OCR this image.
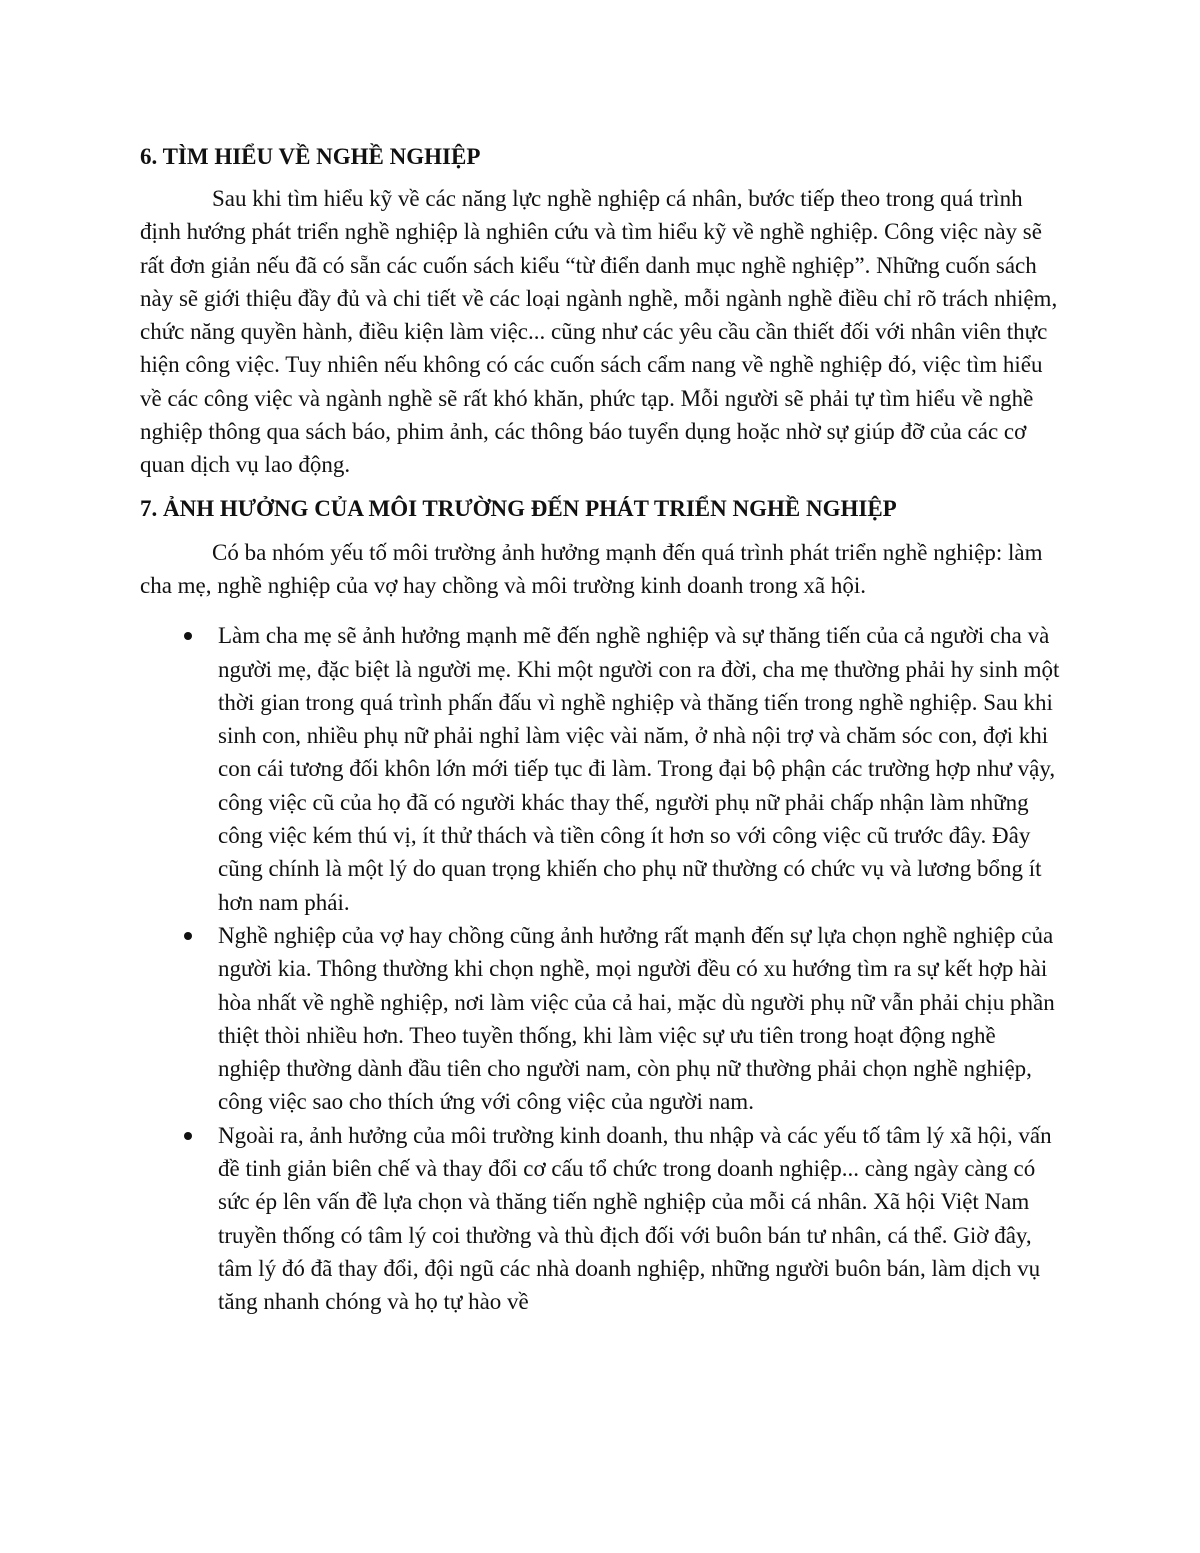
6. TÌM HIỂU VỀ NGHỀ NGHIỆP

Sau khi tìm hiểu kỹ về các năng lực nghề nghiệp cá nhân, bước tiếp theo trong quá trình định hướng phát triển nghề nghiệp là nghiên cứu và tìm hiểu kỹ về nghề nghiệp. Công việc này sẽ rất đơn giản nếu đã có sẵn các cuốn sách kiểu “từ điển danh mục nghề nghiệp”. Những cuốn sách này sẽ giới thiệu đầy đủ và chi tiết về các loại ngành nghề, mỗi ngành nghề điều chỉ rõ trách nhiệm, chức năng quyền hành, điều kiện làm việc... cũng như các yêu cầu cần thiết đối với nhân viên thực hiện công việc. Tuy nhiên nếu không có các cuốn sách cẩm nang về nghề nghiệp đó, việc tìm hiểu về các công việc và ngành nghề sẽ rất khó khăn, phức tạp. Mỗi người sẽ phải tự tìm hiểu về nghề nghiệp thông qua sách báo, phim ảnh, các thông báo tuyển dụng hoặc nhờ sự giúp đỡ của các cơ quan dịch vụ lao động.

7. ẢNH HƯỞNG CỦA MÔI TRƯỜNG ĐẾN PHÁT TRIỂN NGHỀ NGHIỆP

Có ba nhóm yếu tố môi trường ảnh hưởng mạnh đến quá trình phát triển nghề nghiệp: làm cha mẹ, nghề nghiệp của vợ hay chồng và môi trường kinh doanh trong xã hội.

Làm cha mẹ sẽ ảnh hưởng mạnh mẽ đến nghề nghiệp và sự thăng tiến của cả người cha và người mẹ, đặc biệt là người mẹ. Khi một người con ra đời, cha mẹ thường phải hy sinh một thời gian trong quá trình phấn đấu vì nghề nghiệp và thăng tiến trong nghề nghiệp. Sau khi sinh con, nhiều phụ nữ phải nghỉ làm việc vài năm, ở nhà nội trợ và chăm sóc con, đợi khi con cái tương đối khôn lớn mới tiếp tục đi làm. Trong đại bộ phận các trường hợp như vậy, công việc cũ của họ đã có người khác thay thế, người phụ nữ phải chấp nhận làm những công việc kém thú vị, ít thử thách và tiền công ít hơn so với công việc cũ trước đây. Đây cũng chính là một lý do quan trọng khiến cho phụ nữ thường có chức vụ và lương bổng ít hơn nam phái.
Nghề nghiệp của vợ hay chồng cũng ảnh hưởng rất mạnh đến sự lựa chọn nghề nghiệp của người kia. Thông thường khi chọn nghề, mọi người đều có xu hướng tìm ra sự kết hợp hài hòa nhất về nghề nghiệp, nơi làm việc của cả hai, mặc dù người phụ nữ vẫn phải chịu phần thiệt thòi nhiều hơn. Theo tuyền thống, khi làm việc sự ưu tiên trong hoạt động nghề nghiệp thường dành đầu tiên cho người nam, còn phụ nữ thường phải chọn nghề nghiệp, công việc sao cho thích ứng với công việc của người nam.
Ngoài ra, ảnh hưởng của môi trường kinh doanh, thu nhập và các yếu tố tâm lý xã hội, vấn đề tinh giản biên chế và thay đổi cơ cấu tổ chức trong doanh nghiệp... càng ngày càng có sức ép lên vấn đề lựa chọn và thăng tiến nghề nghiệp của mỗi cá nhân. Xã hội Việt Nam truyền thống có tâm lý coi thường và thù địch đối với buôn bán tư nhân, cá thể. Giờ đây, tâm lý đó đã thay đổi, đội ngũ các nhà doanh nghiệp, những người buôn bán, làm dịch vụ tăng nhanh chóng và họ tự hào về
